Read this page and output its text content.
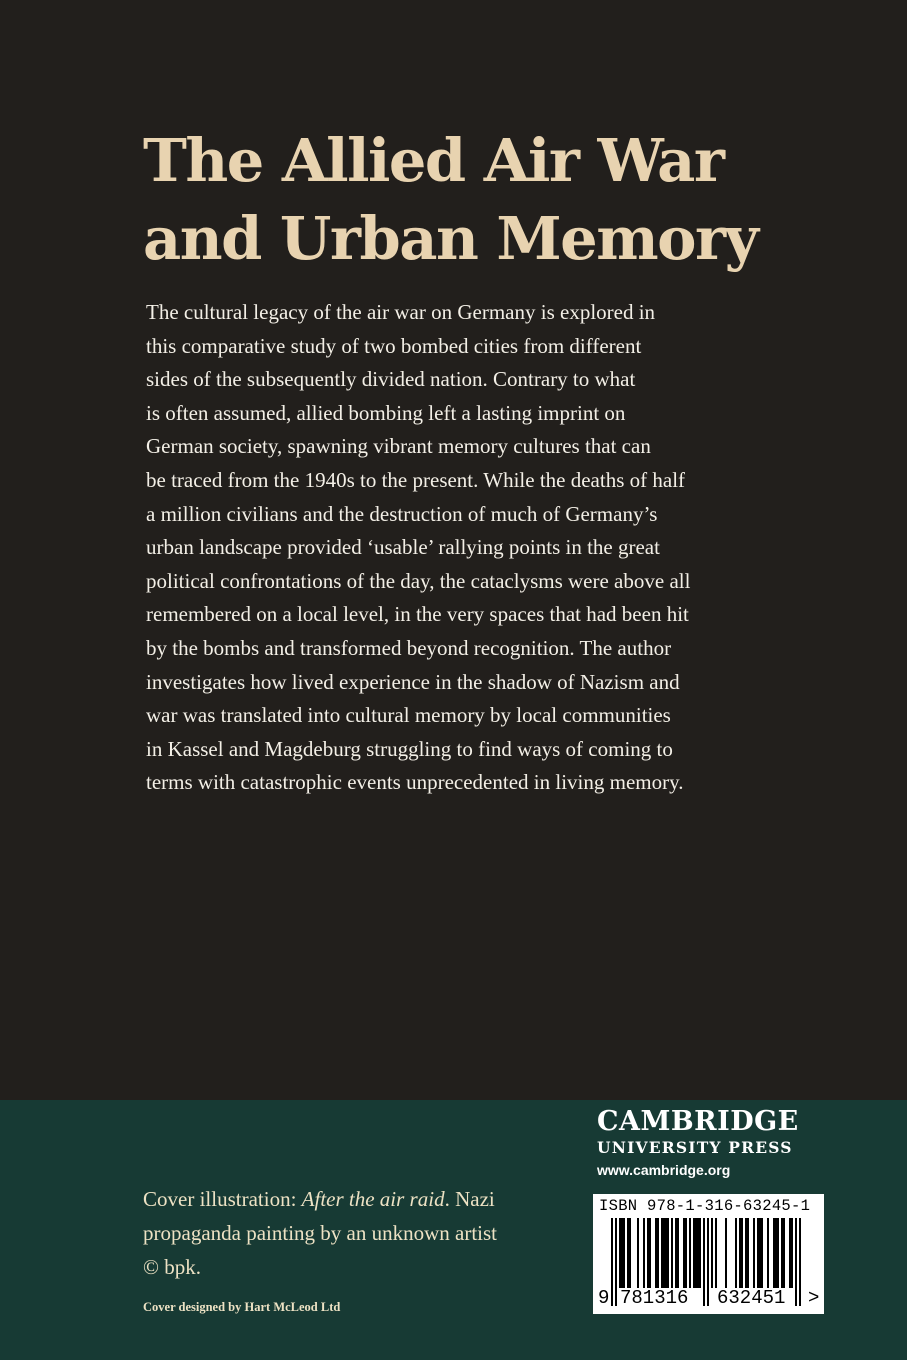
The Allied Air War
and Urban Memory

The cultural legacy of the air war on Germany is explored in
this comparative study of two bombed cities from different
sides of the subsequently divided nation. Contrary to what
is often assumed, allied bombing left a lasting imprint on
German society, spawning vibrant memory cultures that can
be traced from the 1940s to the present. While the deaths of half
a million civilians and the destruction of much of Germany’s
urban landscape provided ‘usable’ rallying points in the great
political confrontations of the day, the cataclysms were above all
remembered on a local level, in the very spaces that had been hit
by the bombs and transformed beyond recognition. The author
investigates how lived experience in the shadow of Nazism and
war was translated into cultural memory by local communities
in Kassel and Magdeburg struggling to find ways of coming to
terms with catastrophic events unprecedented in living memory.

CAMBRIDGE
UNIVERSITY PRESS
www.cambridge.org
Cover illustration: After the air raid. Nazi
propaganda painting by an unknown artist
© bpk.
Cover designed by Hart McLeod Ltd
ISBN 978-1-316-63245-1
9 781316 632451 >
